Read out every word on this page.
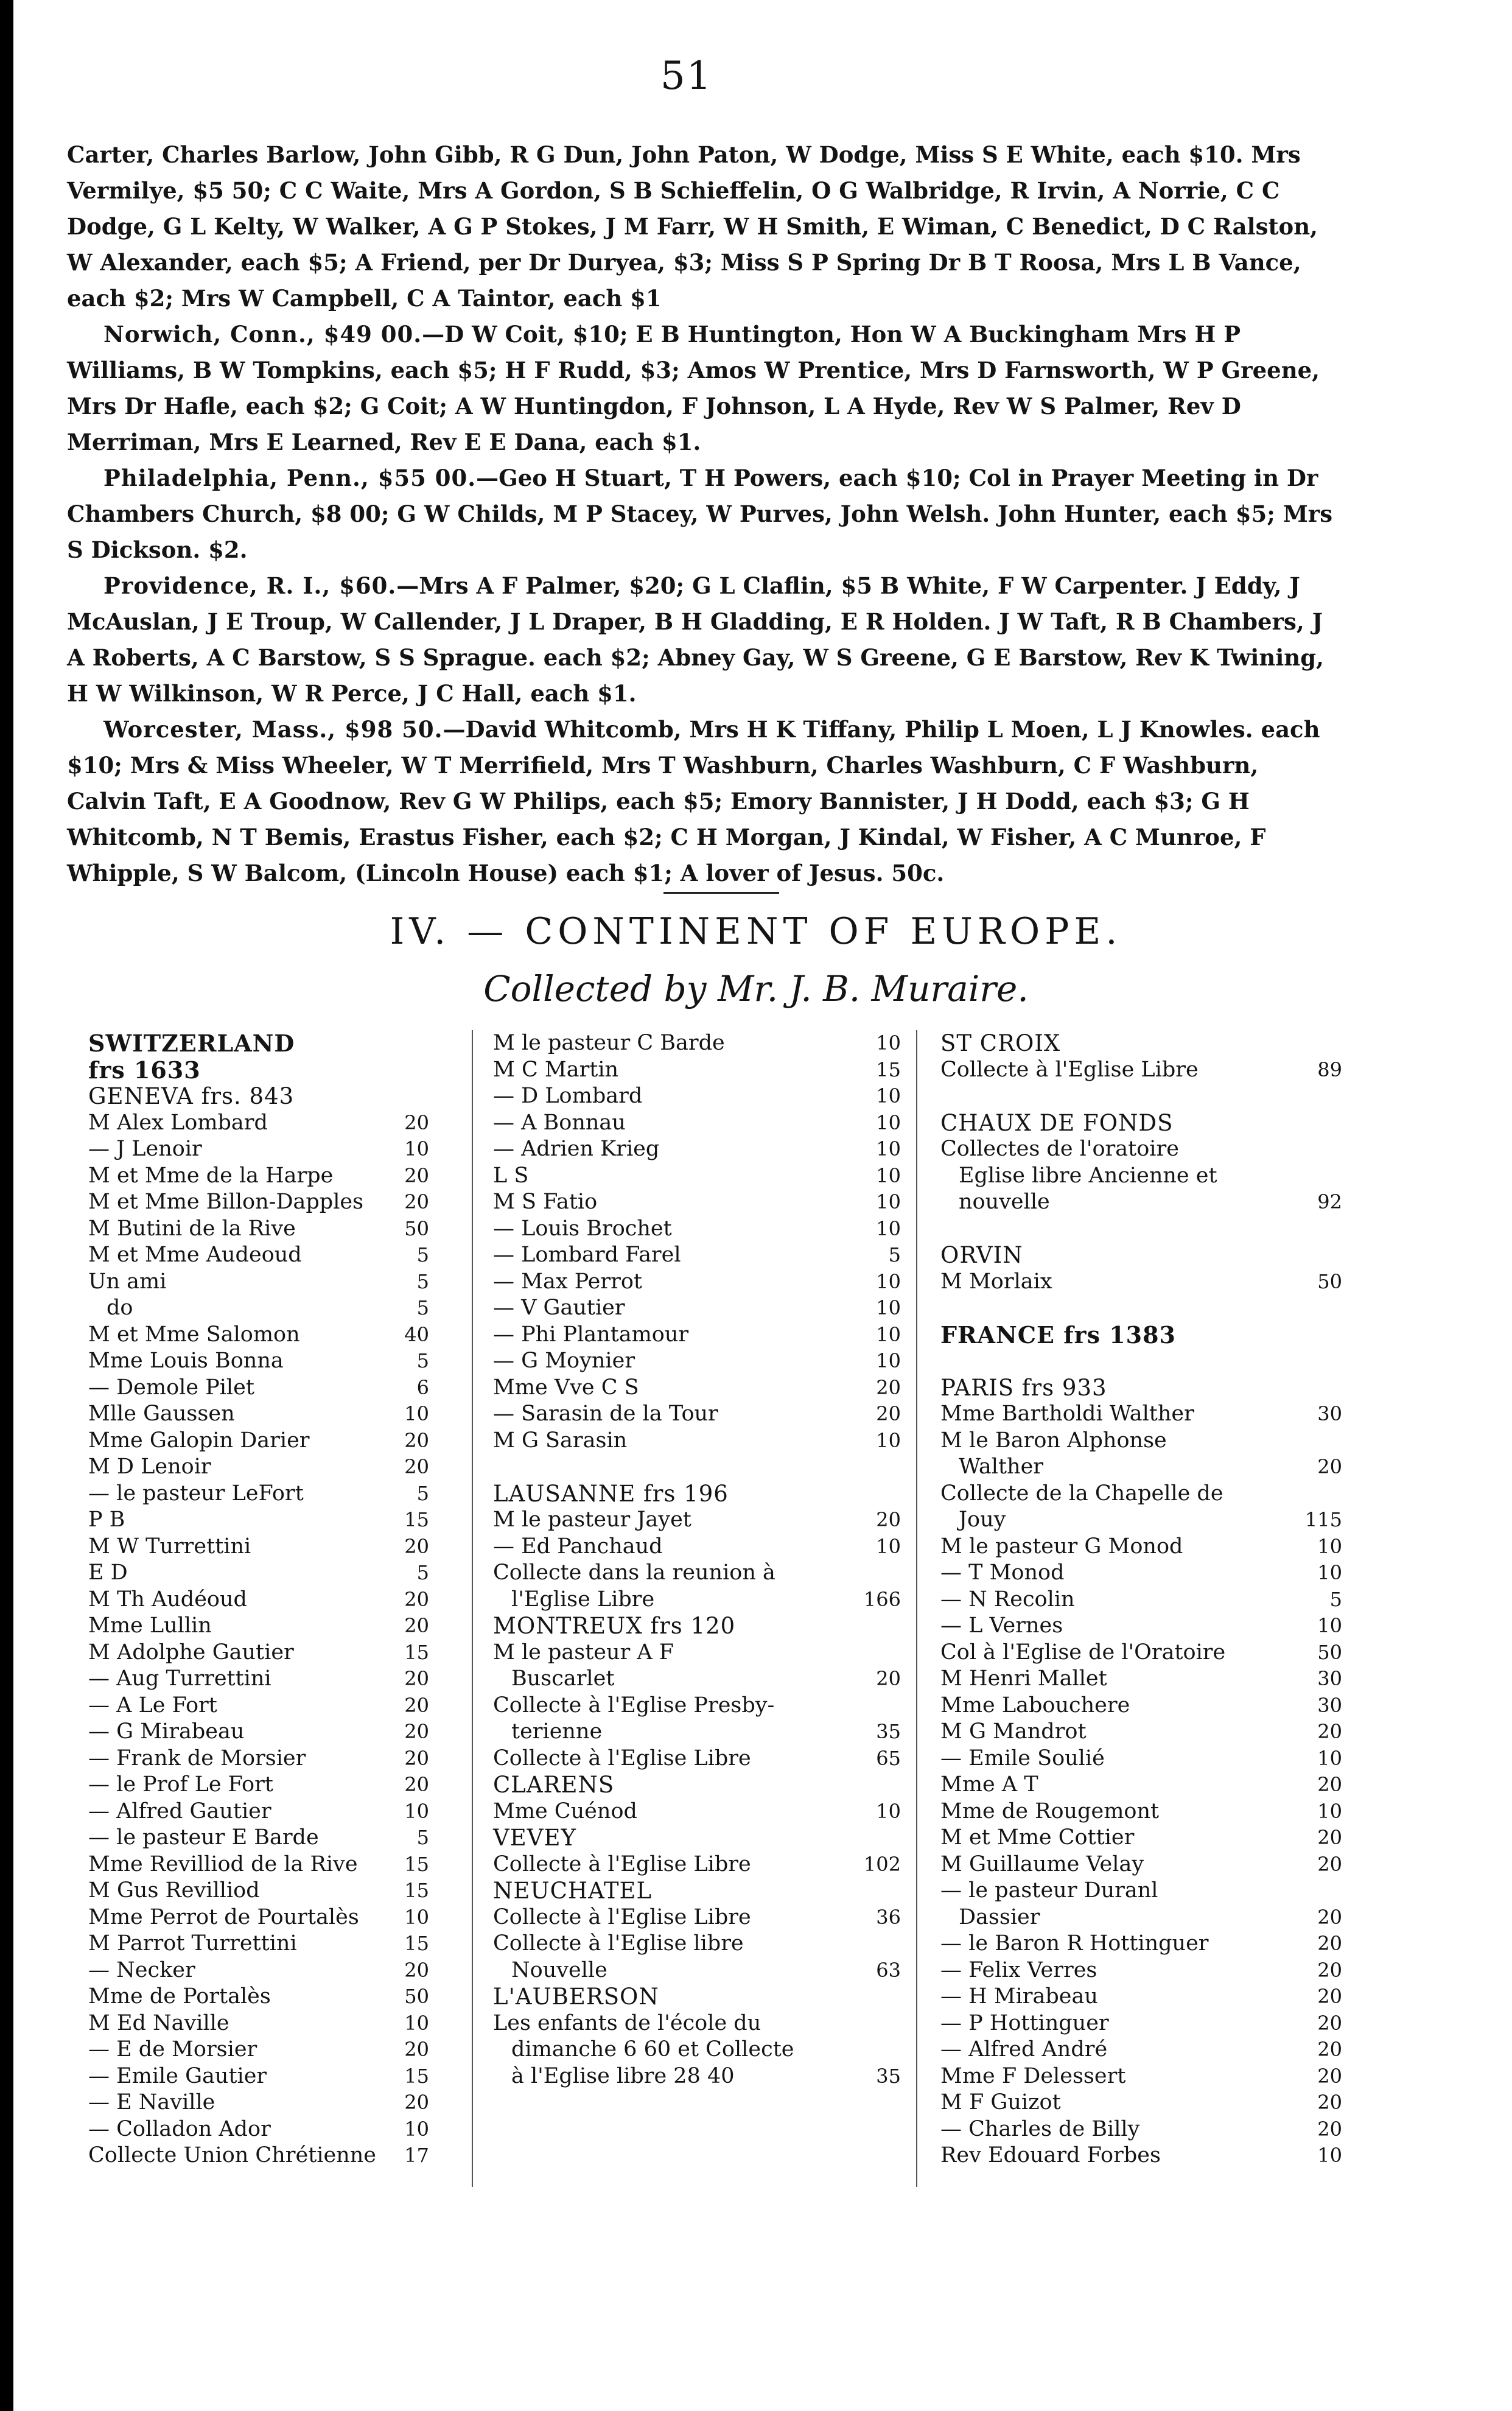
51

Carter, Charles Barlow, John Gibb, R G Dun, John Paton, W Dodge, Miss S E White, each $10. Mrs Vermilye, $5 50; C C Waite, Mrs A Gordon, S B Schieffelin, O G Walbridge, R Irvin, A Norrie, C C Dodge, G L Kelty, W Walker, A G P Stokes, J M Farr, W H Smith, E Wiman, C Benedict, D C Ralston, W Alexander, each $5; A Friend, per Dr Duryea, $3; Miss S P Spring Dr B T Roosa, Mrs L B Vance, each $2; Mrs W Campbell, C A Taintor, each $1

Norwich, Conn., $49 00.—D W Coit, $10; E B Huntington, Hon W A Buckingham Mrs H P Williams, B W Tompkins, each $5; H F Rudd, $3; Amos W Prentice, Mrs D Farnsworth, W P Greene, Mrs Dr Hafle, each $2; G Coit; A W Huntingdon, F Johnson, L A Hyde, Rev W S Palmer, Rev D Merriman, Mrs E Learned, Rev E E Dana, each $1.

Philadelphia, Penn., $55 00.—Geo H Stuart, T H Powers, each $10; Col in Prayer Meeting in Dr Chambers Church, $8 00; G W Childs, M P Stacey, W Purves, John Welsh. John Hunter, each $5; Mrs S Dickson. $2.

Providence, R. I., $60.—Mrs A F Palmer, $20; G L Claflin, $5 B White, F W Carpenter. J Eddy, J McAuslan, J E Troup, W Callender, J L Draper, B H Gladding, E R Holden. J W Taft, R B Chambers, J A Roberts, A C Barstow, S S Sprague. each $2; Abney Gay, W S Greene, G E Barstow, Rev K Twining, H W Wilkinson, W R Perce, J C Hall, each $1.

Worcester, Mass., $98 50.—David Whitcomb, Mrs H K Tiffany, Philip L Moen, L J Knowles. each $10; Mrs & Miss Wheeler, W T Merrifield, Mrs T Washburn, Charles Washburn, C F Washburn, Calvin Taft, E A Goodnow, Rev G W Philips, each $5; Emory Bannister, J H Dodd, each $3; G H Whitcomb, N T Bemis, Erastus Fisher, each $2; C H Morgan, J Kindal, W Fisher, A C Munroe, F Whipple, S W Balcom, (Lincoln House) each $1; A lover of Jesus. 50c.

IV. — CONTINENT OF EUROPE.
Collected by Mr. J. B. Muraire.
SWITZERLAND
frs 1633
GENEVA frs. 843
M Alex Lombard	20
— J Lenoir	10
M et Mme de la Harpe	20
M et Mme Billon-Dapples	20
M Butini de la Rive	50
M et Mme Audeoud	5
Un ami	5
do	5
M et Mme Salomon	40
Mme Louis Bonna	5
— Demole Pilet	6
Mlle Gaussen	10
Mme Galopin Darier	20
M D Lenoir	20
— le pasteur LeFort	5
P B	15
M W Turrettini	20
E D	5
M Th Audéoud	20
Mme Lullin	20
M Adolphe Gautier	15
— Aug Turrettini	20
— A Le Fort	20
— G Mirabeau	20
— Frank de Morsier	20
— le Prof Le Fort	20
— Alfred Gautier	10
— le pasteur E Barde	5
Mme Revilliod de la Rive	15
M Gus Revilliod	15
Mme Perrot de Pourtalès	10
M Parrot Turrettini	15
— Necker	20
Mme de Portalès	50
M Ed Naville	10
— E de Morsier	20
— Emile Gautier	15
— E Naville	20
— Colladon Ador	10
Collecte Union Chrétienne	17
M le pasteur C Barde	10
M C Martin	15
— D Lombard	10
— A Bonnau	10
— Adrien Krieg	10
L S	10
M S Fatio	10
— Louis Brochet	10
— Lombard Farel	5
— Max Perrot	10
— V Gautier	10
— Phi Plantamour	10
— G Moynier	10
Mme Vve C S	20
— Sarasin de la Tour	20
M G Sarasin	10
LAUSANNE frs 196
M le pasteur Jayet	20
— Ed Panchaud	10
Collecte dans la reunion à
l'Eglise Libre	166
MONTREUX frs 120
M le pasteur A F
Buscarlet	20
Collecte à l'Eglise Presby-
terienne	35
Collecte à l'Eglise Libre	65
CLARENS
Mme Cuénod	10
VEVEY
Collecte à l'Eglise Libre	102
NEUCHATEL
Collecte à l'Eglise Libre	36
Collecte à l'Eglise libre
Nouvelle	63
L'AUBERSON
Les enfants de l'école du
dimanche 6 60 et Collecte
à l'Eglise libre 28 40	35
ST CROIX
Collecte à l'Eglise Libre	89
CHAUX DE FONDS
Collectes de l'oratoire
Eglise libre Ancienne et
nouvelle	92
ORVIN
M Morlaix	50
FRANCE frs 1383
PARIS frs 933
Mme Bartholdi Walther	30
M le Baron Alphonse
Walther	20
Collecte de la Chapelle de
Jouy	115
M le pasteur G Monod	10
— T Monod	10
— N Recolin	5
— L Vernes	10
Col à l'Eglise de l'Oratoire	50
M Henri Mallet	30
Mme Labouchere	30
M G Mandrot	20
— Emile Soulié	10
Mme A T	20
Mme de Rougemont	10
M et Mme Cottier	20
M Guillaume Velay	20
— le pasteur Duranl
Dassier	20
— le Baron R Hottinguer	20
— Felix Verres	20
— H Mirabeau	20
— P Hottinguer	20
— Alfred André	20
Mme F Delessert	20
M F Guizot	20
— Charles de Billy	20
Rev Edouard Forbes	10
